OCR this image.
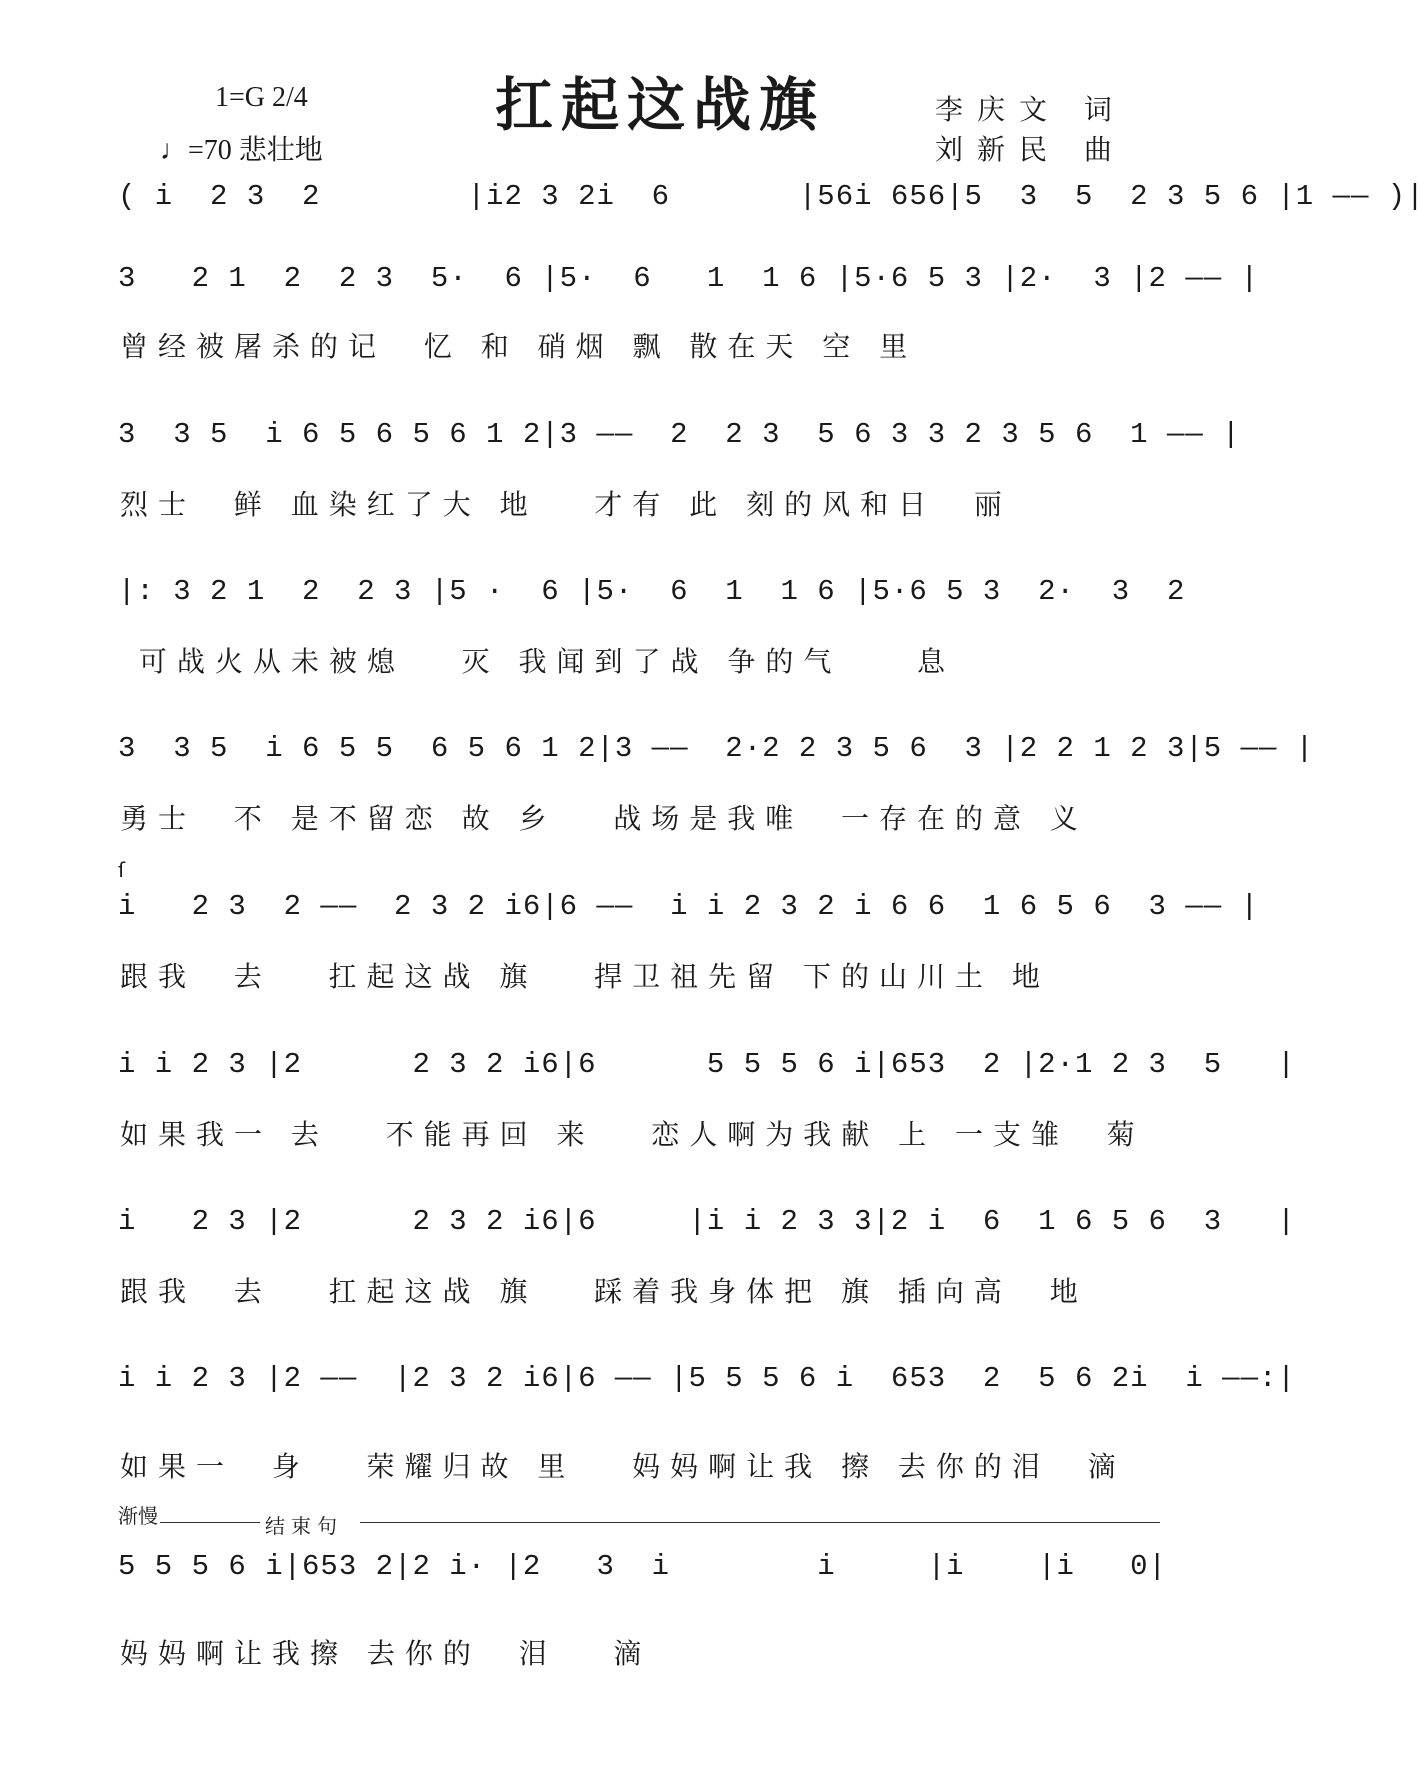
扛起这战旗
1=G 2/4
♩=70 悲壮地
李庆文 词
刘新民 曲
( i  2 3  2        |i2 3 2i  6       |56i 656|5  3  5  2 3 5 6 |1 —— )|
3   2 1  2  2 3  5·  6 |5·  6   1  1 6 |5·6 5 3 |2·  3 |2 —— |
曾经被屠杀的记  忆 和 硝烟 飘 散在天 空 里
3  3 5  i 6 5 6 5 6 1 2|3 ——  2  2 3  5 6 3 3 2 3 5 6  1 —— |
烈士  鲜 血染红了大 地   才有 此 刻的风和日  丽
|: 3 2 1  2  2 3 |5 ·  6 |5·  6  1  1 6 |5·6 5 3  2·  3  2
可战火从未被熄   灭 我闻到了战 争的气    息
3  3 5  i 6 5 5  6 5 6 1 2|3 ——  2·2 2 3 5 6  3 |2 2 1 2 3|5 —— |
勇士  不 是不留恋 故 乡   战场是我唯  一存在的意 义
ſ
i   2 3  2 ——  2 3 2 i6|6 ——  i i 2 3 2 i 6 6  1 6 5 6  3 —— |
跟我  去   扛起这战 旗   捍卫祖先留 下的山川土 地
i i 2 3 |2      2 3 2 i6|6      5 5 5 6 i|653  2 |2·1 2 3  5   |
如果我一 去   不能再回 来   恋人啊为我献 上 一支雏  菊
i   2 3 |2      2 3 2 i6|6     |i i 2 3 3|2 i  6  1 6 5 6  3   |
跟我  去   扛起这战 旗   踩着我身体把 旗 插向高  地
i i 2 3 |2 ——  |2 3 2 i6|6 —— |5 5 5 6 i  653  2  5 6 2i  i ——:|
如果一  身   荣耀归故 里   妈妈啊让我 擦 去你的泪  滴
渐慢	结束句
5 5 5 6 i|653 2|2 i· |2   3  i        i     |i    |i   0|
妈妈啊让我擦 去你的  泪   滴
